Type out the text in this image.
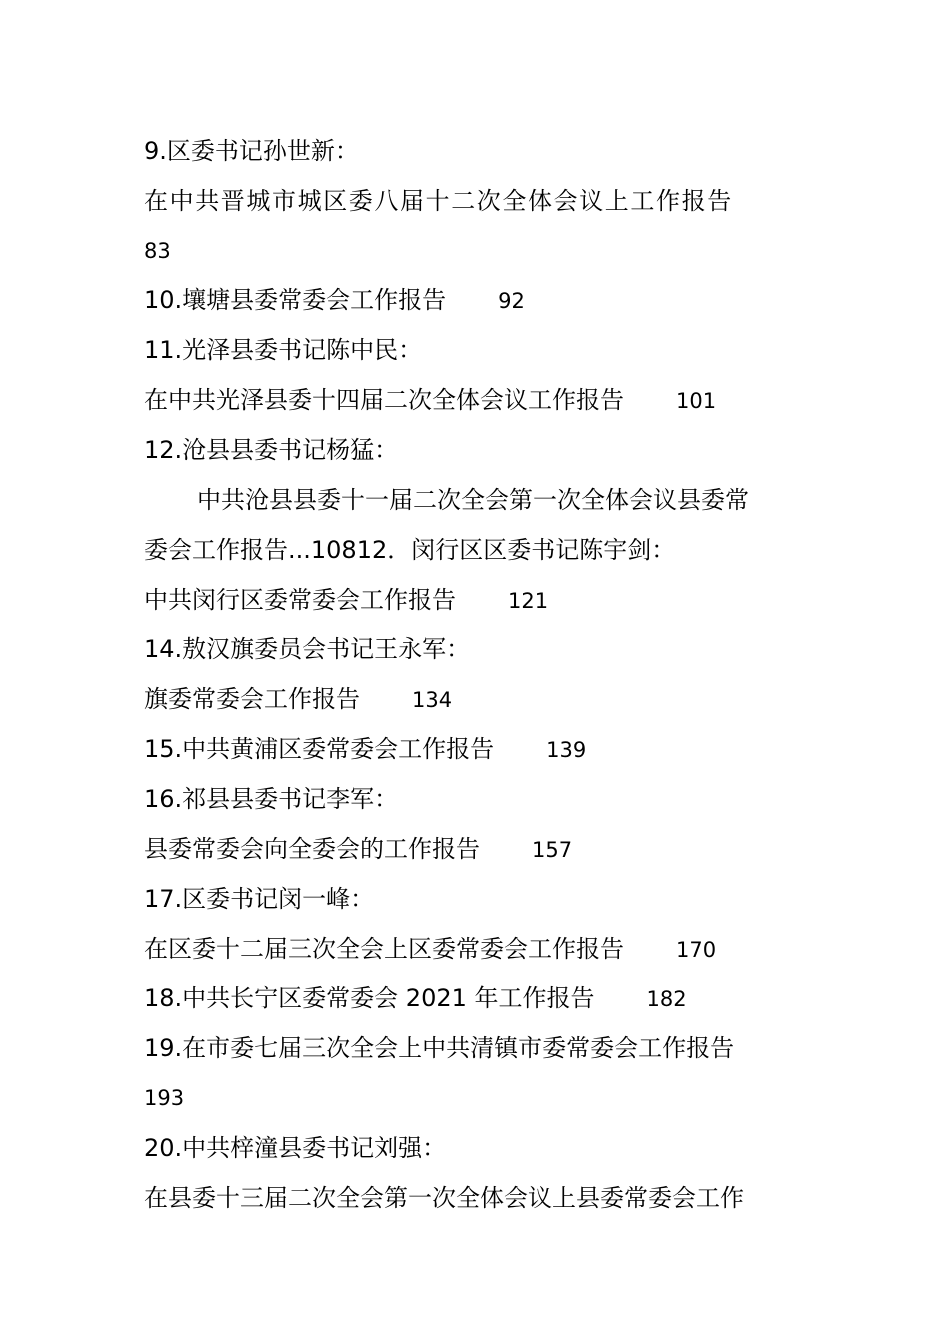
9.区委书记孙世新：
在中共晋城市城区委八届十二次全体会议上工作报告
83
10.壤塘县委常委会工作报告 92
11.光泽县委书记陈中民：
在中共光泽县委十四届二次全体会议工作报告 101
12.沧县县委书记杨猛：
中共沧县县委十一届二次全会第一次全体会议县委常
委会工作报告...10812．闵行区区委书记陈宇剑：
中共闵行区委常委会工作报告 121
14.敖汉旗委员会书记王永军：
旗委常委会工作报告 134
15.中共黄浦区委常委会工作报告 139
16.祁县县委书记李军：
县委常委会向全委会的工作报告 157
17.区委书记闵一峰：
在区委十二届三次全会上区委常委会工作报告 170
18.中共长宁区委常委会 2021 年工作报告 182
19.在市委七届三次全会上中共清镇市委常委会工作报告
193
20.中共梓潼县委书记刘强：
在县委十三届二次全会第一次全体会议上县委常委会工作
